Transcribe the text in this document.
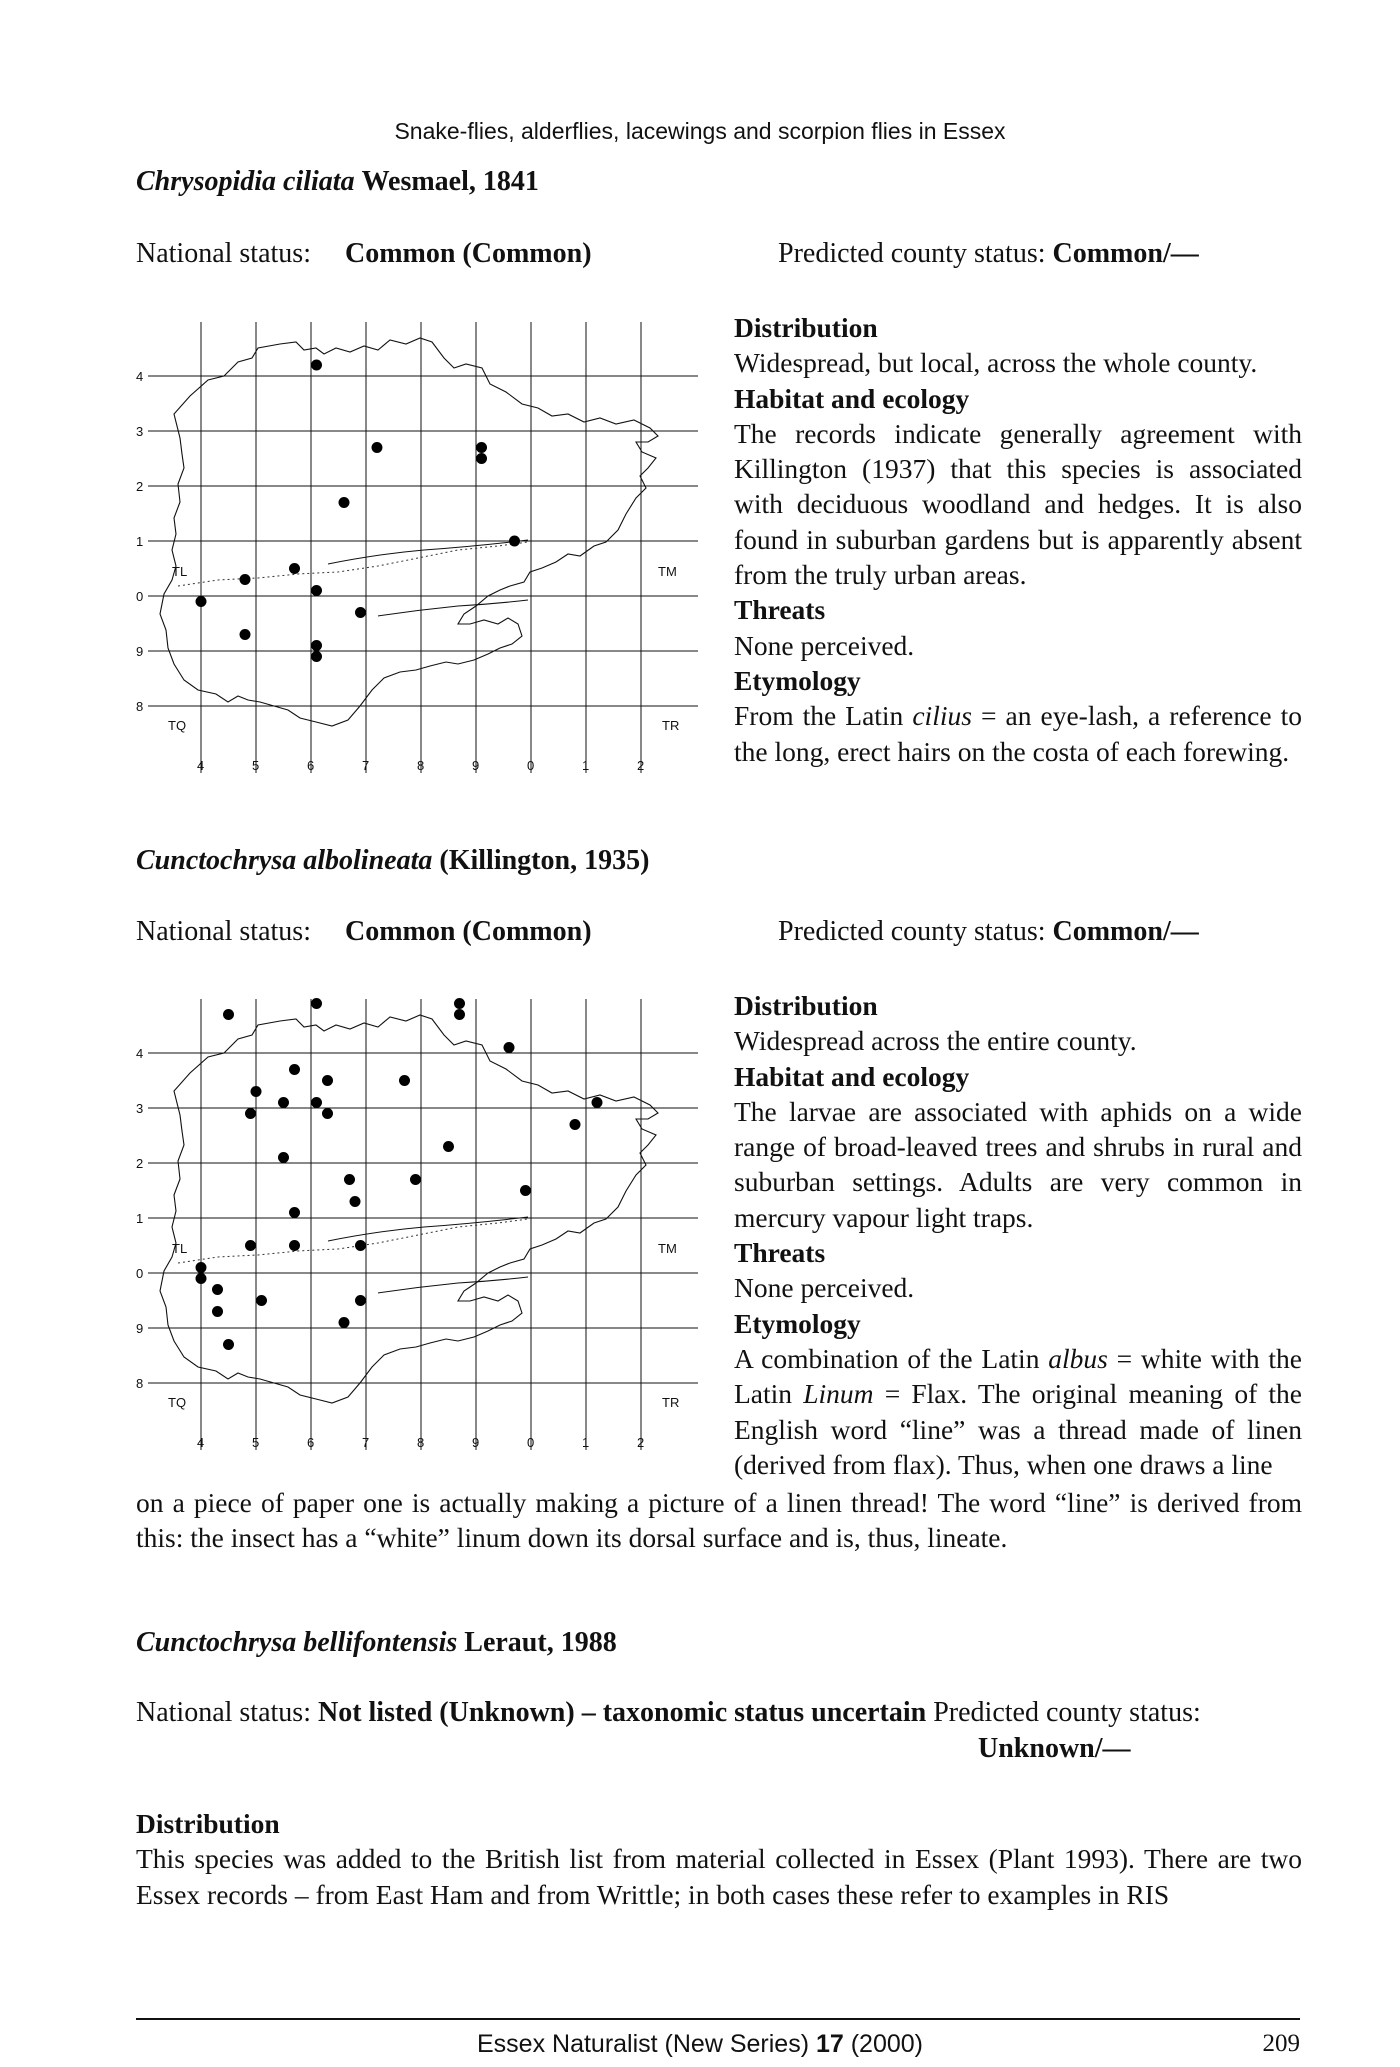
Snake-flies, alderflies, lacewings and scorpion flies in Essex
Chrysopidia ciliata Wesmael, 1841
National status: Common (Common)	Predicted county status: Common/—
4
3
2
1
0
9
8
4	5	6	7	8	9	0	1	2
TL	TM
TQ	TR
Distribution

Widespread, but local, across the whole county.

Habitat and ecology

The records indicate generally agreement with Killington (1937) that this species is associated with deciduous woodland and hedges. It is also found in suburban gardens but is apparently absent from the truly urban areas.

Threats

None perceived.

Etymology

From the Latin cilius = an eye-lash, a reference to the long, erect hairs on the costa of each forewing.

Cunctochrysa albolineata (Killington, 1935)
National status: Common (Common)	Predicted county status: Common/—
4
3
2
1
0
9
8
4	5	6	7	8	9	0	1	2
TL	TM
TQ	TR
Distribution

Widespread across the entire county.

Habitat and ecology

The larvae are associated with aphids on a wide range of broad-leaved trees and shrubs in rural and suburban settings. Adults are very common in mercury vapour light traps.

Threats

None perceived.

Etymology

A combination of the Latin albus = white with the Latin Linum = Flax. The original meaning of the English word “line” was a thread made of linen (derived from flax). Thus, when one draws a line

on a piece of paper one is actually making a picture of a linen thread! The word “line” is derived from this: the insect has a “white” linum down its dorsal surface and is, thus, lineate.
Cunctochrysa bellifontensis Leraut, 1988
National status: Not listed (Unknown) – taxonomic status uncertain Predicted county status:
Unknown/—
Distribution
This species was added to the British list from material collected in Essex (Plant 1993). There are two Essex records – from East Ham and from Writtle; in both cases these refer to examples in RIS
Essex Naturalist (New Series) 17 (2000)	209
